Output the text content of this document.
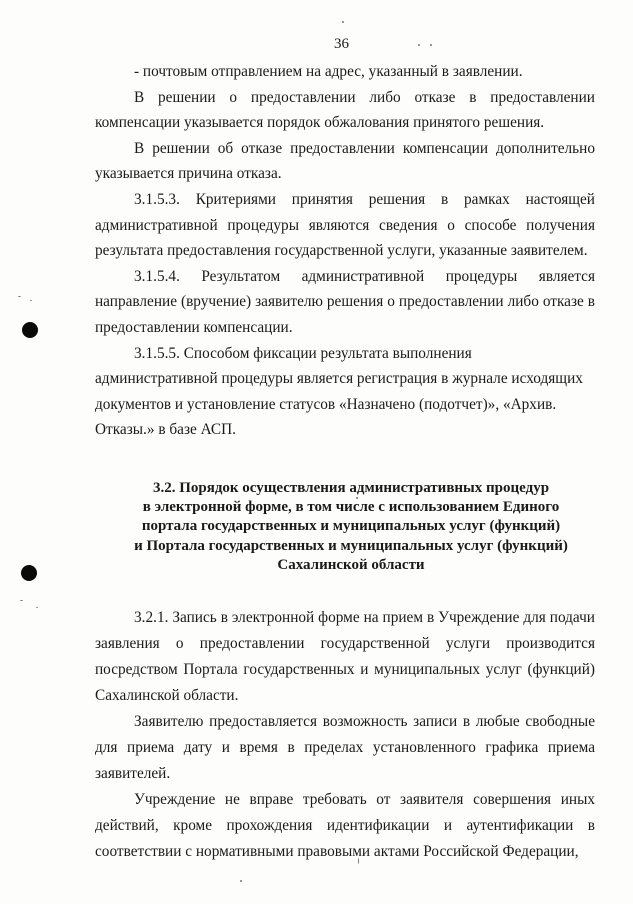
36

- почтовым отправлением на адрес, указанный в заявлении.

В решении о предоставлении либо отказе в предоставлении компенсации указывается порядок обжалования принятого решения.

В решении об отказе предоставлении компенсации дополнительно указывается причина отказа.

3.1.5.3. Критериями принятия решения в рамках настоящей административной процедуры являются сведения о способе получения результата предоставления государственной услуги, указанные заявителем.

3.1.5.4. Результатом административной процедуры является направление (вручение) заявителю решения о предоставлении либо отказе в предоставлении компенсации.

3.1.5.5. Способом фиксации результата выполнения административной процедуры является регистрация в журнале исходящих документов и установление статусов «Назначено (подотчет)», «Архив. Отказы.» в базе АСП.

3.2. Порядок осуществления административных процедур
в электронной форме, в том числе с использованием Единого
портала государственных и муниципальных услуг (функций)
и Портала государственных и муниципальных услуг (функций)
Сахалинской области

3.2.1. Запись в электронной форме на прием в Учреждение для подачи заявления о предоставлении государственной услуги производится посредством Портала государственных и муниципальных услуг (функций) Сахалинской области.

Заявителю предоставляется возможность записи в любые свободные для приема дату и время в пределах установленного графика приема заявителей.

Учреждение не вправе требовать от заявителя совершения иных действий, кроме прохождения идентификации и аутентификации в соответствии с нормативными правовыми актами Российской Федерации,
